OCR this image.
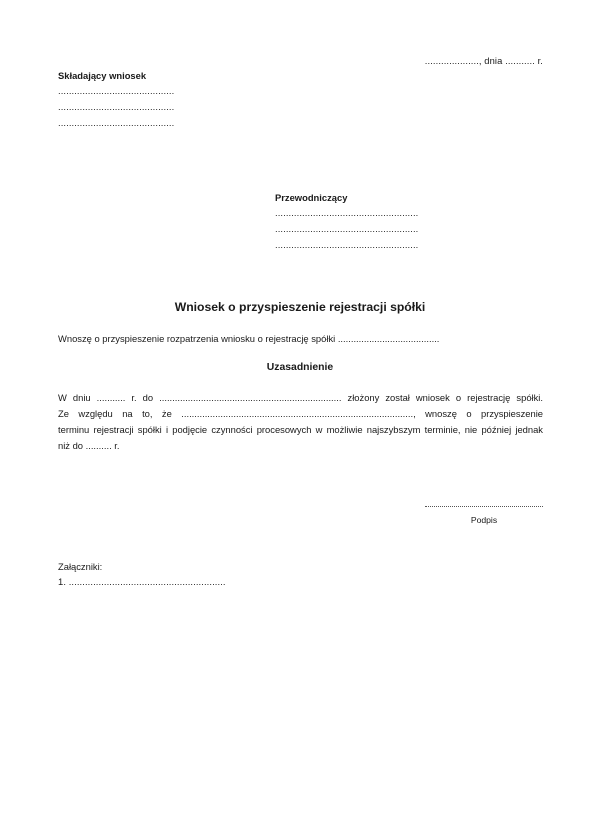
...................., dnia ........... r.
Składający wniosek
...........................................
...........................................
...........................................
Przewodniczący
.....................................................
.....................................................
.....................................................
Wniosek o przyspieszenie rejestracji spółki
Wnoszę o przyspieszenie rozpatrzenia wniosku o rejestrację spółki .......................................
Uzasadnienie

W dniu ........... r. do ...................................................................... złożony został wniosek o rejestrację spółki.

Ze względu na to, że ........................................................................................., wnoszę o przyspieszenie

terminu rejestracji spółki i podjęcie czynności procesowych w możliwie najszybszym terminie, nie później jednak

niż do .......... r.

Podpis
Załączniki:
1. ..........................................................
